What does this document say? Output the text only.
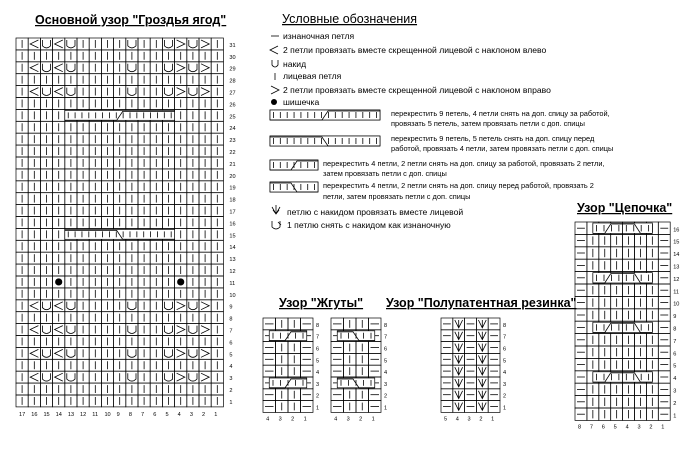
Основной узор "Гроздья ягод"	Условные обозначения
Узор "Жгуты" Узор "Полупатентная резинка"
Узор "Цепочка"
изнаночная петля
2 петли провязать вместе скрещенной лицевой с наклоном влево
накид
лицевая петля
2 петли провязать вместе скрещенной лицевой с наклоном вправо
шишечка
перекрестить 9 петель, 4 петли снять на доп. спицу за работой,
провязать 5 петель, затем провязать петли с доп. спицы
перекрестить 9 петель, 5 петель снять на доп. спицу перед
работой, провязать 4 петли, затем провязать петли с доп. спицы
перекрестить 4 петли, 2 петли снять на доп. спицу за работой, провязать 2 петли,
затем провязать петли с доп. спицы
перекрестить 4 петли, 2 петли снять на доп. спицу перед работой, провязать 2
петли, затем провязать петли с доп. спицы
петлю с накидом провязать вместе лицевой
1 петлю снять с накидом как изнаночную
31
30
29
28
27
26
25
24
23
22
21
20
19
18
17
16
15
14
13
12
11
10
9
8
7
6
5
4
3
2
1
17 16 15 14 13 12 11 10 9 8 7 6 5 4 3 2 1
8
7
6
5
4
3
2
1
4 3 2 1
8
7
6
5
4
3
2
1
4 3 2 1
8
7
6
5
4
3
2
1
5 4 3 2 1
16
15
14
13
12
11
10
9
8
7
6
5
4
3
2
1
8 7 6 5 4 3 2 1
